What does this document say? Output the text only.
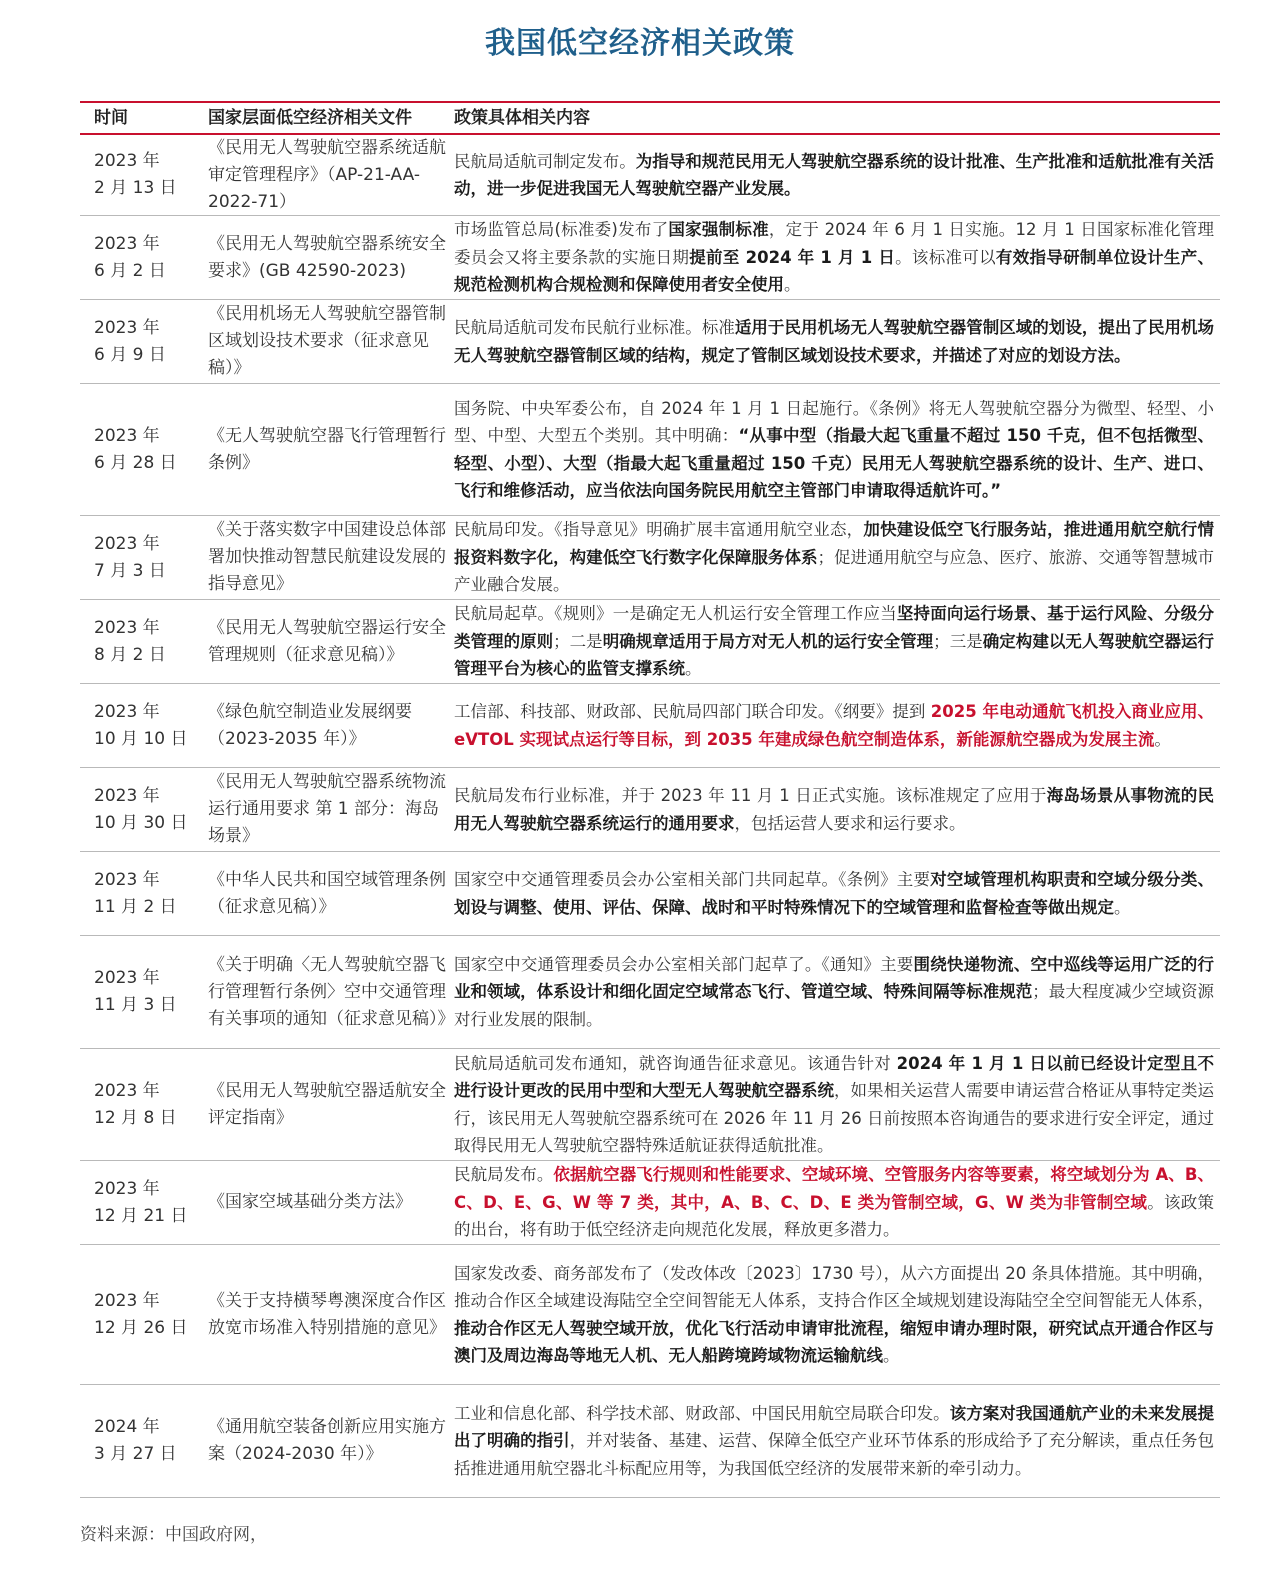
我国低空经济相关政策
时间	国家层面低空经济相关文件	政策具体相关内容
2023 年
2 月 13 日
《民用无人驾驶航空器系统适航审定管理程序》（AP-21-AA-2022-71）
民航局适航司制定发布。为指导和规范民用无人驾驶航空器系统的设计批准、生产批准和适航批准有关活动，进一步促进我国无人驾驶航空器产业发展。
2023 年
6 月 2 日
《民用无人驾驶航空器系统安全要求》(GB 42590-2023)
市场监管总局(标准委)发布了国家强制标准，定于 2024 年 6 月 1 日实施。12 月 1 日国家标准化管理委员会又将主要条款的实施日期提前至 2024 年 1 月 1 日。该标准可以有效指导研制单位设计生产、规范检测机构合规检测和保障使用者安全使用。
2023 年
6 月 9 日
《民用机场无人驾驶航空器管制区域划设技术要求（征求意见稿）》
民航局适航司发布民航行业标准。标准适用于民用机场无人驾驶航空器管制区域的划设，提出了民用机场无人驾驶航空器管制区域的结构，规定了管制区域划设技术要求，并描述了对应的划设方法。
2023 年
6 月 28 日
《无人驾驶航空器飞行管理暂行条例》
国务院、中央军委公布，自 2024 年 1 月 1 日起施行。《条例》将无人驾驶航空器分为微型、轻型、小型、中型、大型五个类别。其中明确：“从事中型（指最大起飞重量不超过 150 千克，但不包括微型、轻型、小型）、大型（指最大起飞重量超过 150 千克）民用无人驾驶航空器系统的设计、生产、进口、飞行和维修活动，应当依法向国务院民用航空主管部门申请取得适航许可。”
2023 年
7 月 3 日
《关于落实数字中国建设总体部署加快推动智慧民航建设发展的指导意见》
民航局印发。《指导意见》明确扩展丰富通用航空业态，加快建设低空飞行服务站，推进通用航空航行情报资料数字化，构建低空飞行数字化保障服务体系；促进通用航空与应急、医疗、旅游、交通等智慧城市产业融合发展。
2023 年
8 月 2 日
《民用无人驾驶航空器运行安全管理规则（征求意见稿）》
民航局起草。《规则》一是确定无人机运行安全管理工作应当坚持面向运行场景、基于运行风险、分级分类管理的原则；二是明确规章适用于局方对无人机的运行安全管理；三是确定构建以无人驾驶航空器运行管理平台为核心的监管支撑系统。
2023 年
10 月 10 日
《绿色航空制造业发展纲要（2023-2035 年）》
工信部、科技部、财政部、民航局四部门联合印发。《纲要》提到 2025 年电动通航飞机投入商业应用、eVTOL 实现试点运行等目标，到 2035 年建成绿色航空制造体系，新能源航空器成为发展主流。
2023 年
10 月 30 日
《民用无人驾驶航空器系统物流运行通用要求 第 1 部分：海岛场景》
民航局发布行业标准，并于 2023 年 11 月 1 日正式实施。该标准规定了应用于海岛场景从事物流的民用无人驾驶航空器系统运行的通用要求，包括运营人要求和运行要求。
2023 年
11 月 2 日
《中华人民共和国空域管理条例（征求意见稿）》
国家空中交通管理委员会办公室相关部门共同起草。《条例》主要对空域管理机构职责和空域分级分类、划设与调整、使用、评估、保障、战时和平时特殊情况下的空域管理和监督检查等做出规定。
2023 年
11 月 3 日
《关于明确〈无人驾驶航空器飞行管理暂行条例〉空中交通管理有关事项的通知（征求意见稿）》
国家空中交通管理委员会办公室相关部门起草了。《通知》主要围绕快递物流、空中巡线等运用广泛的行业和领域，体系设计和细化固定空域常态飞行、管道空域、特殊间隔等标准规范；最大程度减少空域资源对行业发展的限制。
2023 年
12 月 8 日
《民用无人驾驶航空器适航安全评定指南》
民航局适航司发布通知，就咨询通告征求意见。该通告针对 2024 年 1 月 1 日以前已经设计定型且不进行设计更改的民用中型和大型无人驾驶航空器系统，如果相关运营人需要申请运营合格证从事特定类运行，该民用无人驾驶航空器系统可在 2026 年 11 月 26 日前按照本咨询通告的要求进行安全评定，通过取得民用无人驾驶航空器特殊适航证获得适航批准。
2023 年
12 月 21 日
《国家空域基础分类方法》
民航局发布。依据航空器飞行规则和性能要求、空域环境、空管服务内容等要素，将空域划分为 A、B、C、D、E、G、W 等 7 类，其中，A、B、C、D、E 类为管制空域，G、W 类为非管制空域。该政策的出台，将有助于低空经济走向规范化发展，释放更多潜力。
2023 年
12 月 26 日
《关于支持横琴粤澳深度合作区放宽市场准入特别措施的意见》
国家发改委、商务部发布了（发改体改〔2023〕1730 号），从六方面提出 20 条具体措施。其中明确，推动合作区全域建设海陆空全空间智能无人体系，支持合作区全域规划建设海陆空全空间智能无人体系，推动合作区无人驾驶空域开放，优化飞行活动申请审批流程，缩短申请办理时限，研究试点开通合作区与澳门及周边海岛等地无人机、无人船跨境跨域物流运输航线。
2024 年
3 月 27 日
《通用航空装备创新应用实施方案（2024-2030 年）》
工业和信息化部、科学技术部、财政部、中国民用航空局联合印发。该方案对我国通航产业的未来发展提出了明确的指引，并对装备、基建、运营、保障全低空产业环节体系的形成给予了充分解读，重点任务包括推进通用航空器北斗标配应用等，为我国低空经济的发展带来新的牵引动力。
资料来源：中国政府网，
